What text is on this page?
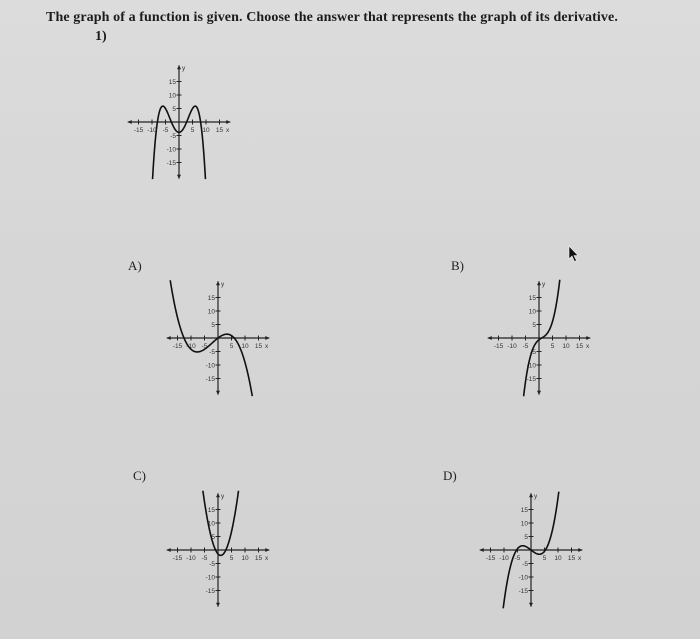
The graph of a function is given. Choose the answer that represents the graph of its derivative.
1)
-15 -10 -5	5 10 15 x
15
10
5
-5
-10
-15
y
A)
-15 -10 -5	5 10 15 x
15
10
5
-5
-10
-15
y
B)
-15 -10 -5	5 10 15 x
15
10
5
-5
-10
-15
y
C)
-15 -10 -5	5 10 15 x
15
10
5
-5
-10
-15
y
D)
-15 -10 -5	5 10 15 x
15
10
5
-5
-10
-15
y
